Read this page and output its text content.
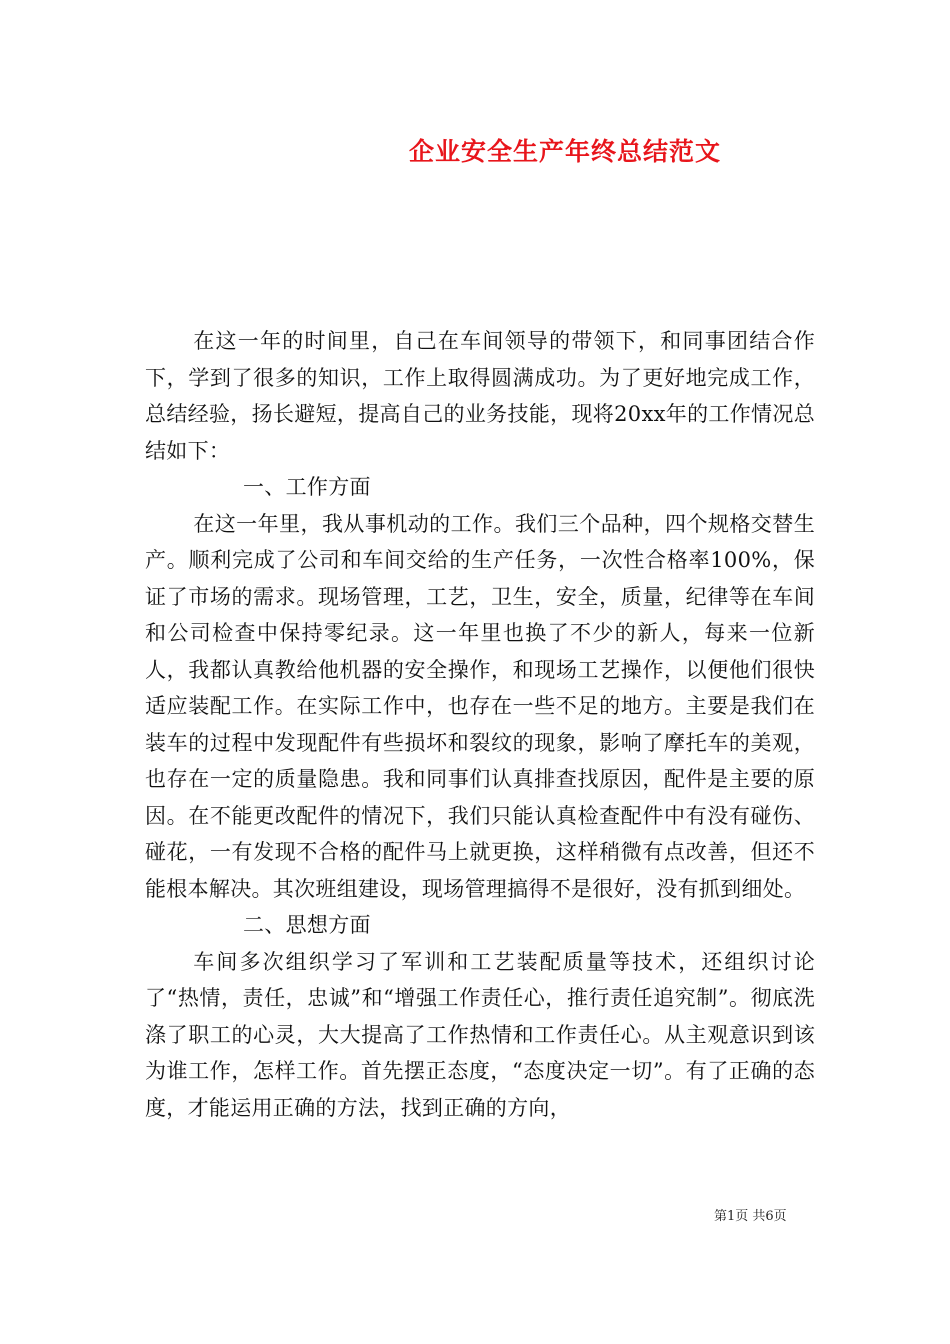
企业安全生产年终总结范文

在这一年的时间里，自己在车间领导的带领下，和同事团结合作下，学到了很多的知识，工作上取得圆满成功。为了更好地完成工作，总结经验，扬长避短，提高自己的业务技能，现将20xx年的工作情况总结如下：

一、工作方面

在这一年里，我从事机动的工作。我们三个品种，四个规格交替生产。顺利完成了公司和车间交给的生产任务，一次性合格率100%，保证了市场的需求。现场管理，工艺，卫生，安全，质量，纪律等在车间和公司检查中保持零纪录。这一年里也换了不少的新人，每来一位新人，我都认真教给他机器的安全操作，和现场工艺操作，以便他们很快适应装配工作。在实际工作中，也存在一些不足的地方。主要是我们在装车的过程中发现配件有些损坏和裂纹的现象，影响了摩托车的美观，也存在一定的质量隐患。我和同事们认真排查找原因，配件是主要的原因。在不能更改配件的情况下，我们只能认真检查配件中有没有碰伤、碰花，一有发现不合格的配件马上就更换，这样稍微有点改善，但还不能根本解决。其次班组建设，现场管理搞得不是很好，没有抓到细处。

二、思想方面

车间多次组织学习了军训和工艺装配质量等技术，还组织讨论了“热情，责任，忠诚”和“增强工作责任心，推行责任追究制”。彻底洗涤了职工的心灵，大大提高了工作热情和工作责任心。从主观意识到该为谁工作，怎样工作。首先摆正态度，“态度决定一切”。有了正确的态度，才能运用正确的方法，找到正确的方向，

第1页 共6页
